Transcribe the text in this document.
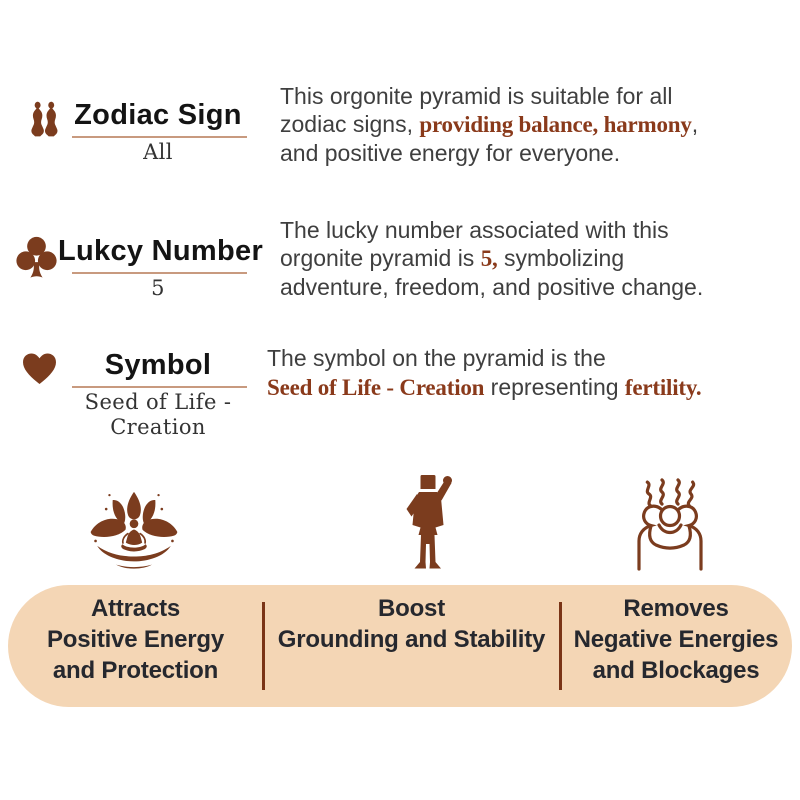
Zodiac Sign
All
This orgonite pyramid is suitable for all
zodiac signs, providing balance, harmony,
and positive energy for everyone.
Lukcy Number
5
The lucky number associated with this
orgonite pyramid is 5, symbolizing
adventure, freedom, and positive change.
Symbol
Seed of Life - Creation
The symbol on the pyramid is the
Seed of Life - Creation representing fertility.
Attracts
Positive Energy
and Protection
Boost
Grounding and Stability
Removes
Negative Energies
and Blockages
